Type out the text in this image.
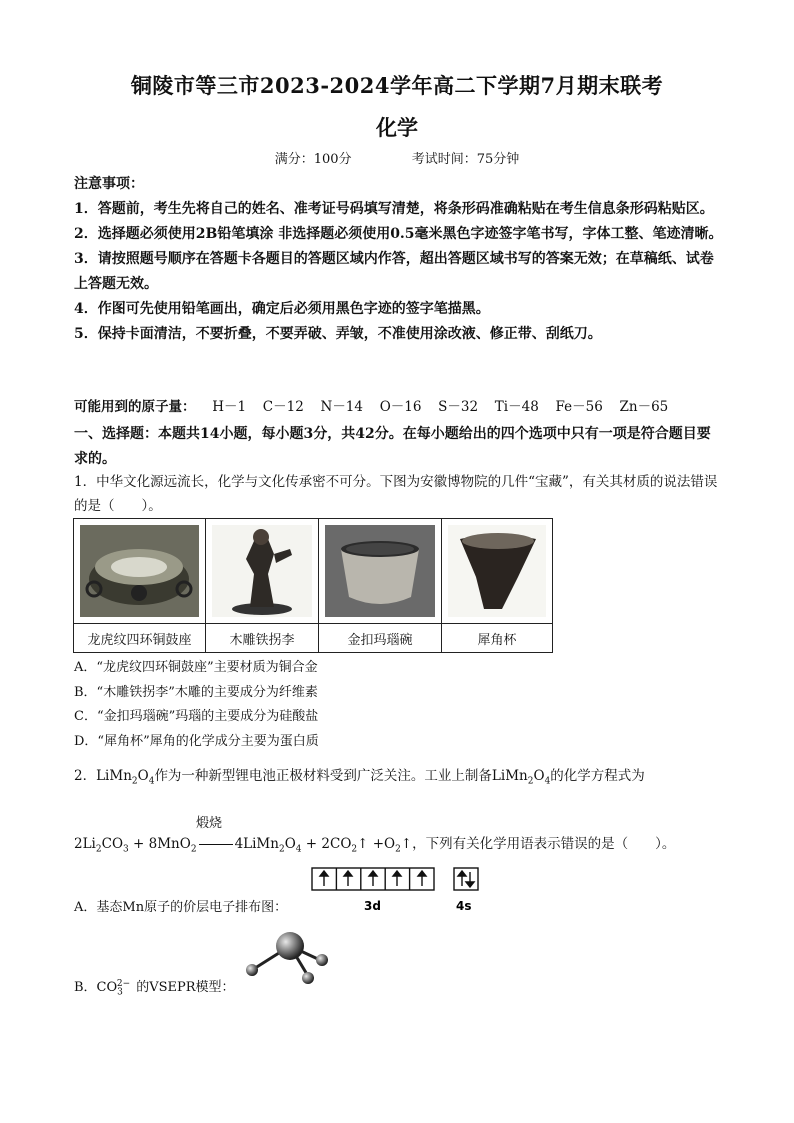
铜陵市等三市2023-2024学年高二下学期7月期末联考
化学
满分：100分	考试时间：75分钟

注意事项：

1．答题前，考生先将自己的姓名、准考证号码填写清楚，将条形码准确粘贴在考生信息条形码粘贴区。

2．选择题必须使用2B铅笔填涂 非选择题必须使用0.5毫米黑色字迹签字笔书写，字体工整、笔迹清晰。

3．请按照题号顺序在答题卡各题目的答题区域内作答，超出答题区域书写的答案无效；在草稿纸、试卷上答题无效。

4．作图可先使用铅笔画出，确定后必须用黑色字迹的签字笔描黑。

5．保持卡面清洁，不要折叠，不要弄破、弄皱，不准使用涂改液、修正带、刮纸刀。

可能用到的原子量： H－1 C－12 N－14 O－16 S－32 Ti－48 Fe－56 Zn－65
一、选择题：本题共14小题，每小题3分，共42分。在每小题给出的四个选项中只有一项是符合题目要求的。
1．中华文化源远流长，化学与文化传承密不可分。下图为安徽博物院的几件“宝藏”，有关其材质的说法错误的是（　　）。

龙虎纹四环铜鼓座	木雕铁拐李	金扣玛瑙碗	犀角杯
A．“龙虎纹四环铜鼓座”主要材质为铜合金
B．“木雕铁拐李”木雕的主要成分为纤维素
C．“金扣玛瑙碗”玛瑙的主要成分为硅酸盐
D．“犀角杯”犀角的化学成分主要为蛋白质
2．$LiMn_2O_4$作为一种新型锂电池正极材料受到广泛关注。工业上制备$LiMn_2O_4$的化学方程式为
煅烧
$2Li_2CO_3 + 8MnO_2$	$4LiMn_2O_4$ + $2CO_2↑$ $+O_2↑$，下列有关化学用语表示错误的是（　　）。
A．基态Mn原子的价层电子排布图：	3d	4s
B．$CO_3^{2-}$ 的VSEPR模型：
